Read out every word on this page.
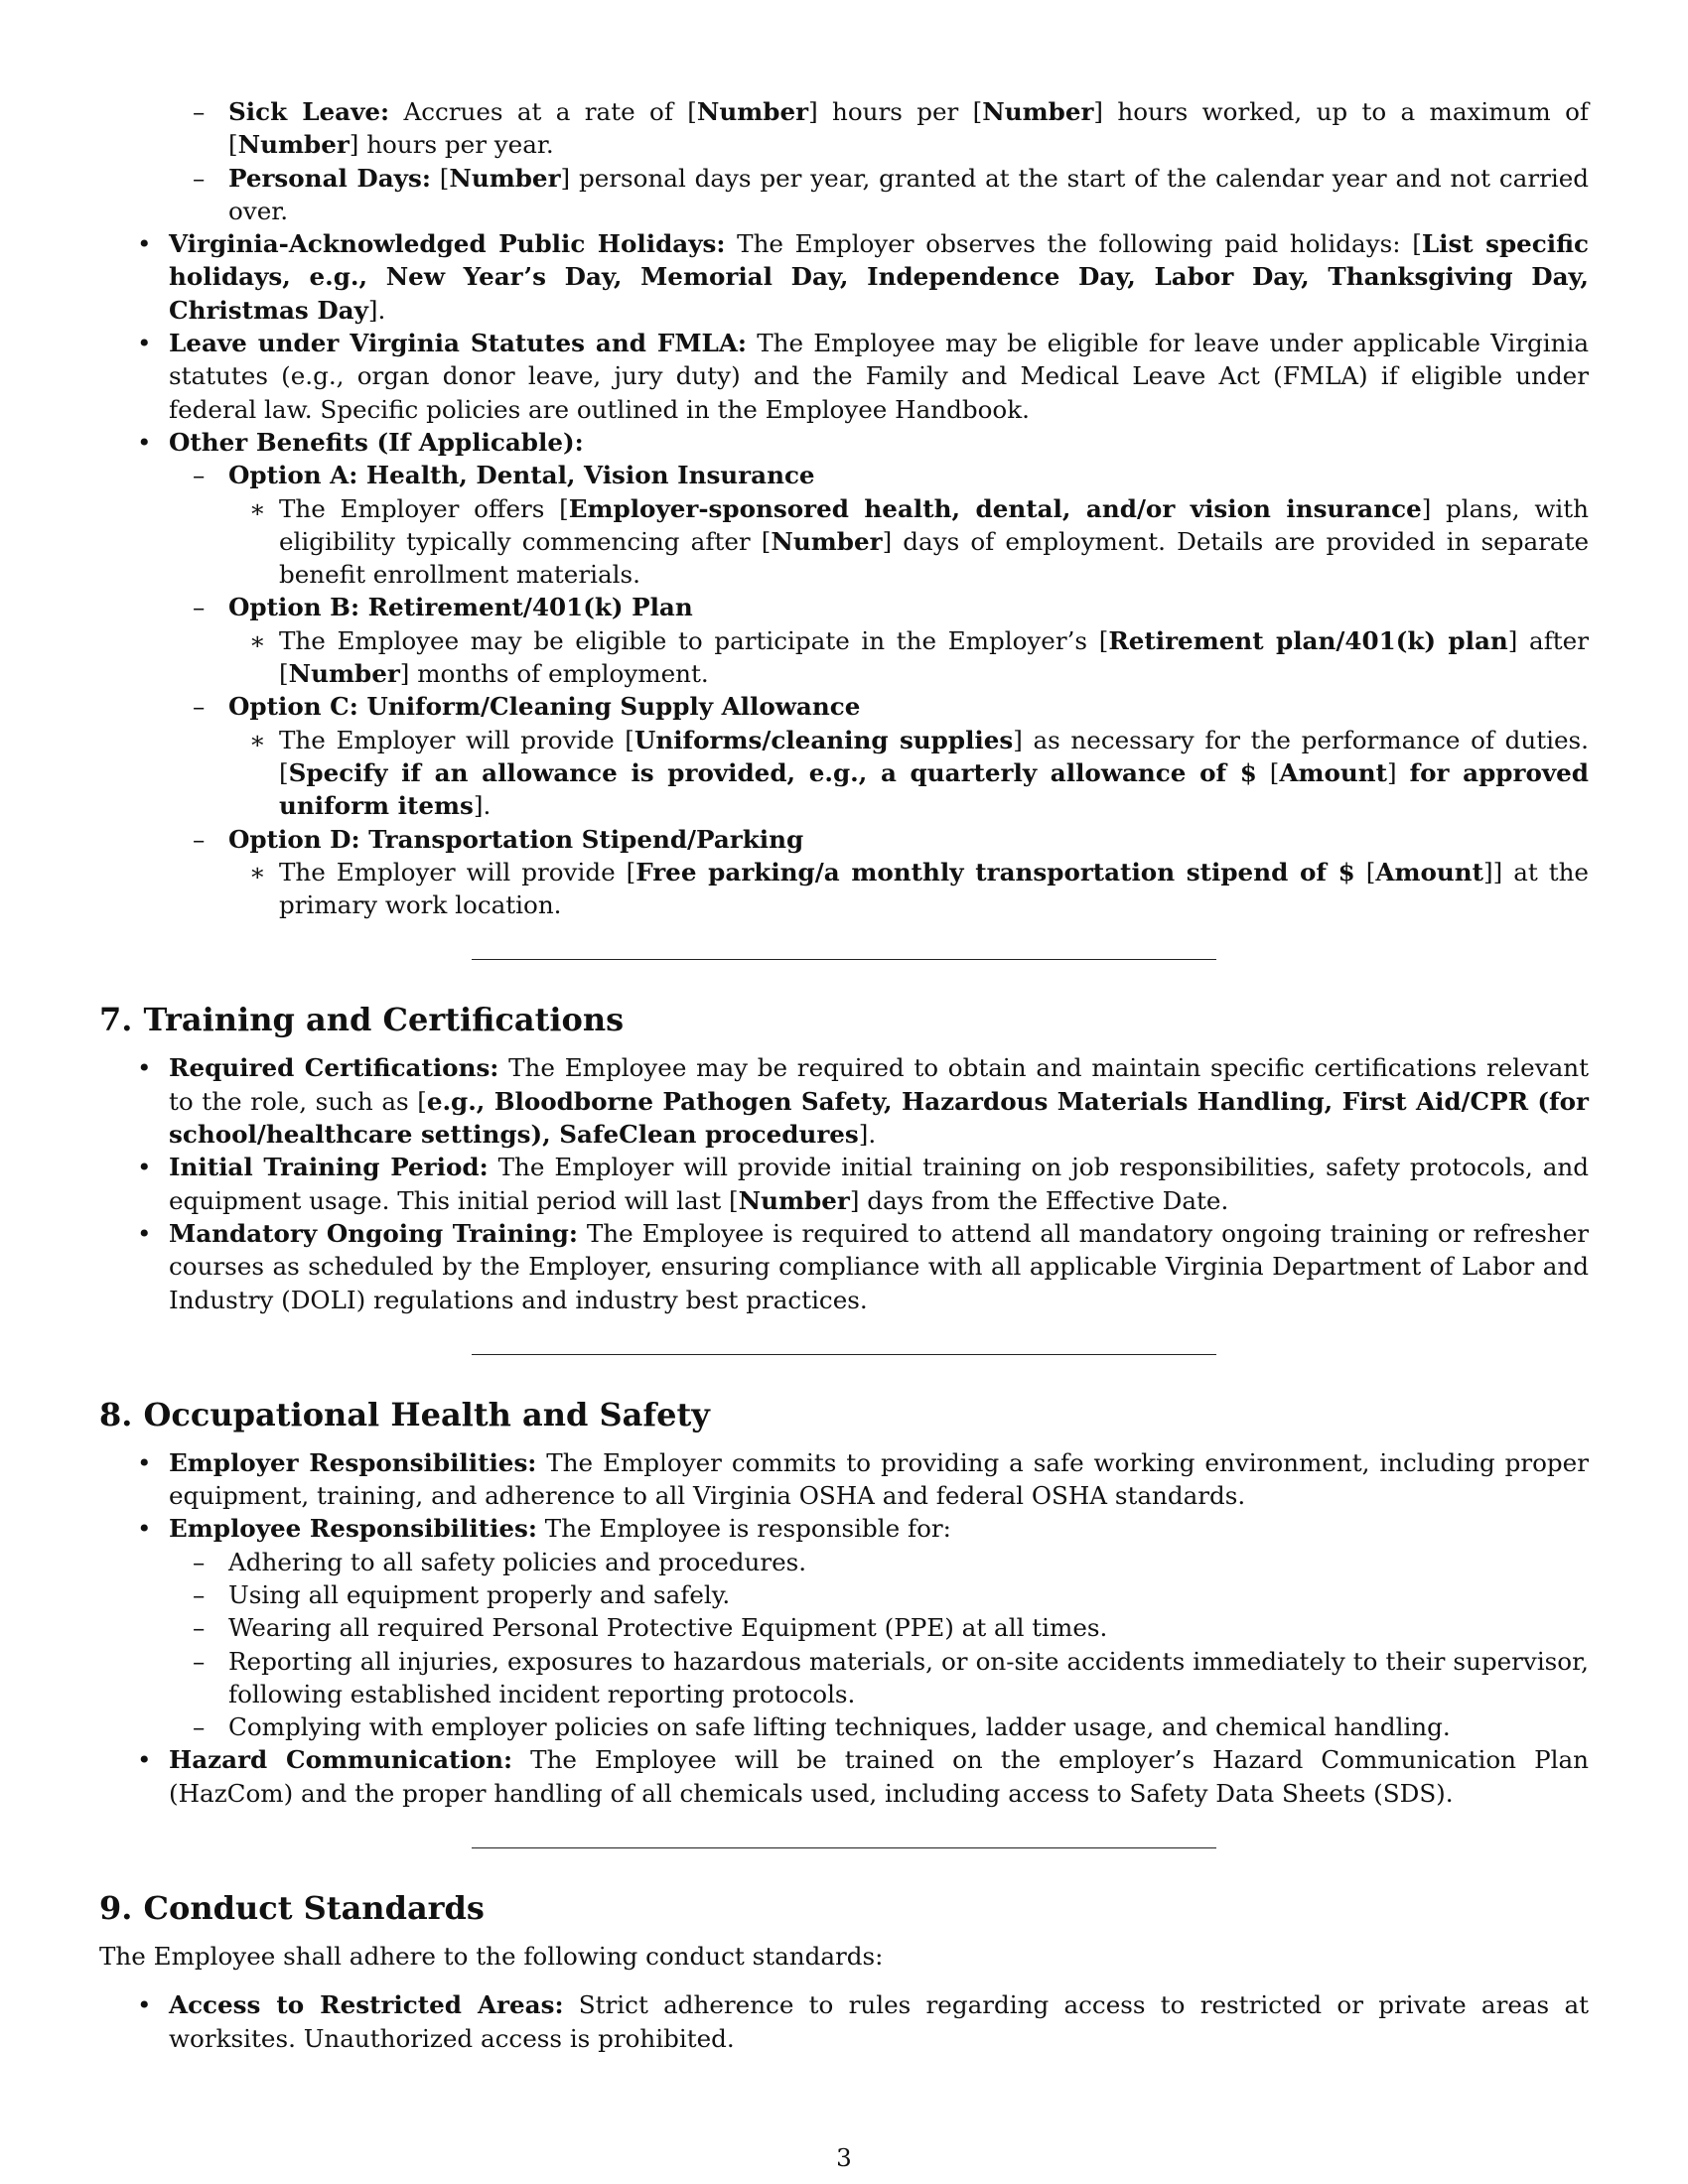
– Sick Leave: Accrues at a rate of [Number] hours per [Number] hours worked, up to a maximum of [Number] hours per year.
– Personal Days: [Number] personal days per year, granted at the start of the calendar year and not carried over.
• Virginia-Acknowledged Public Holidays: The Employer observes the following paid holidays: [List specific holidays, e.g., New Year’s Day, Memorial Day, Independence Day, Labor Day, Thanksgiving Day, Christmas Day].
• Leave under Virginia Statutes and FMLA: The Employee may be eligible for leave under applicable Virginia statutes (e.g., organ donor leave, jury duty) and the Family and Medical Leave Act (FMLA) if eligible under federal law. Specific policies are outlined in the Employee Handbook.
• Other Benefits (If Applicable):
– Option A: Health, Dental, Vision Insurance
∗ The Employer offers [Employer-sponsored health, dental, and/or vision insurance] plans, with eligibility typically commencing after [Number] days of employment. Details are provided in separate benefit enrollment materials.
– Option B: Retirement/401(k) Plan
∗ The Employee may be eligible to participate in the Employer’s [Retirement plan/401(k) plan] after [Number] months of employment.
– Option C: Uniform/Cleaning Supply Allowance
∗ The Employer will provide [Uniforms/cleaning supplies] as necessary for the performance of duties. [Specify if an allowance is provided, e.g., a quarterly allowance of $ [Amount] for approved uniform items].
– Option D: Transportation Stipend/Parking
∗ The Employer will provide [Free parking/a monthly transportation stipend of $ [Amount]] at the primary work location.
7. Training and Certifications
• Required Certifications: The Employee may be required to obtain and maintain specific certifications relevant to the role, such as [e.g., Bloodborne Pathogen Safety, Hazardous Materials Handling, First Aid/CPR (for school/healthcare settings), SafeClean procedures].
• Initial Training Period: The Employer will provide initial training on job responsibilities, safety protocols, and equipment usage. This initial period will last [Number] days from the Effective Date.
• Mandatory Ongoing Training: The Employee is required to attend all mandatory ongoing training or refresher courses as scheduled by the Employer, ensuring compliance with all applicable Virginia Department of Labor and Industry (DOLI) regulations and industry best practices.
8. Occupational Health and Safety
• Employer Responsibilities: The Employer commits to providing a safe working environment, including proper equipment, training, and adherence to all Virginia OSHA and federal OSHA standards.
• Employee Responsibilities: The Employee is responsible for:
– Adhering to all safety policies and procedures.
– Using all equipment properly and safely.
– Wearing all required Personal Protective Equipment (PPE) at all times.
– Reporting all injuries, exposures to hazardous materials, or on-site accidents immediately to their supervisor, following established incident reporting protocols.
– Complying with employer policies on safe lifting techniques, ladder usage, and chemical handling.
• Hazard Communication: The Employee will be trained on the employer’s Hazard Communication Plan (HazCom) and the proper handling of all chemicals used, including access to Safety Data Sheets (SDS).
9. Conduct Standards

The Employee shall adhere to the following conduct standards:

• Access to Restricted Areas: Strict adherence to rules regarding access to restricted or private areas at worksites. Unauthorized access is prohibited.
3
